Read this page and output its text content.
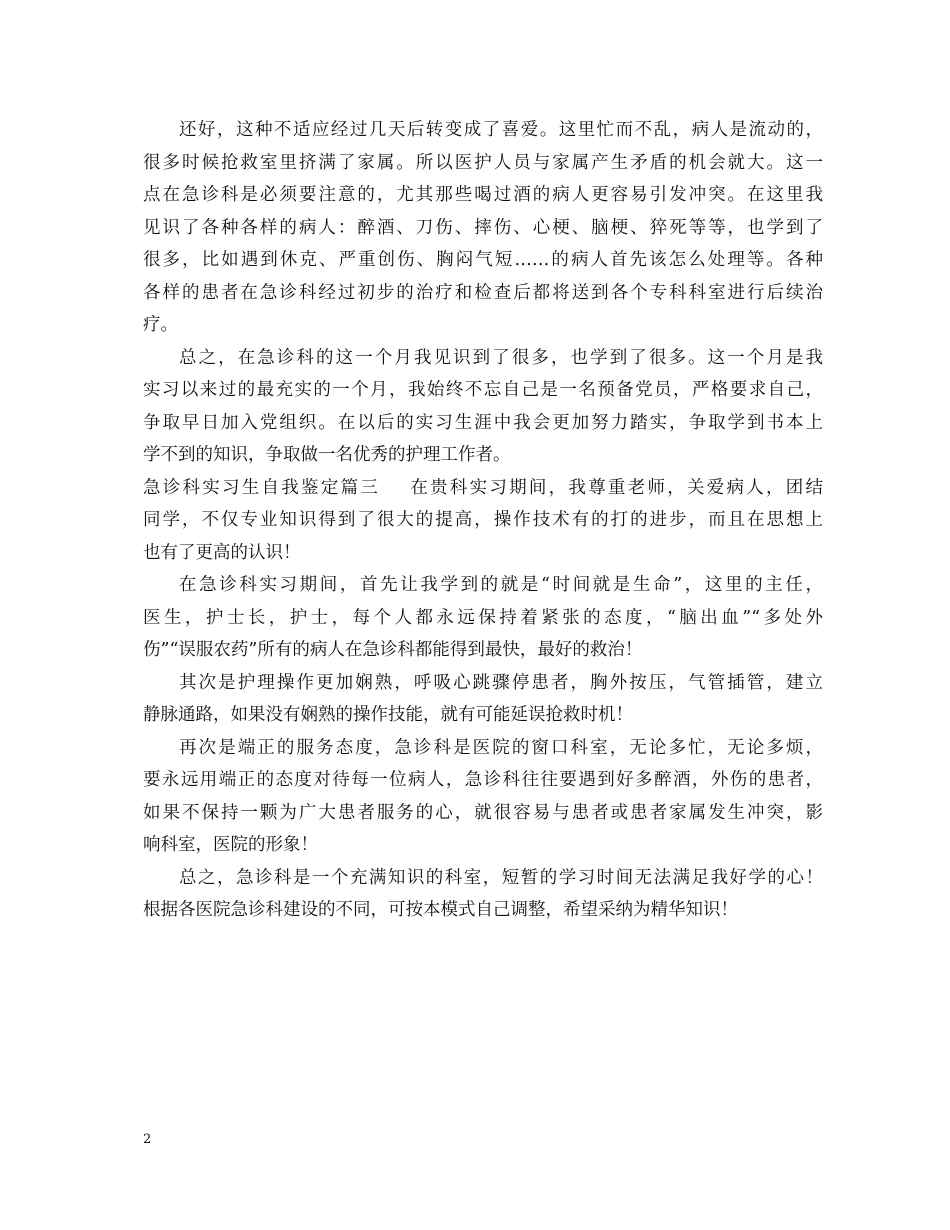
还好，这种不适应经过几天后转变成了喜爱。这里忙而不乱，病人是流动的，
很多时候抢救室里挤满了家属。所以医护人员与家属产生矛盾的机会就大。这一
点在急诊科是必须要注意的，尤其那些喝过酒的病人更容易引发冲突。在这里我
见识了各种各样的病人：醉酒、刀伤、摔伤、心梗、脑梗、猝死等等，也学到了
很多，比如遇到休克、严重创伤、胸闷气短……的病人首先该怎么处理等。各种
各样的患者在急诊科经过初步的治疗和检查后都将送到各个专科科室进行后续治
疗。
总之，在急诊科的这一个月我见识到了很多，也学到了很多。这一个月是我
实习以来过的最充实的一个月，我始终不忘自己是一名预备党员，严格要求自己，
争取早日加入党组织。在以后的实习生涯中我会更加努力踏实，争取学到书本上
学不到的知识，争取做一名优秀的护理工作者。
急诊科实习生自我鉴定篇三 在贵科实习期间，我尊重老师，关爱病人，团结
同学，不仅专业知识得到了很大的提高，操作技术有的打的进步，而且在思想上
也有了更高的认识！
在急诊科实习期间，首先让我学到的就是“时间就是生命”，这里的主任，
医生，护士长，护士，每个人都永远保持着紧张的态度，“脑出血”“多处外
伤”“误服农药”所有的病人在急诊科都能得到最快，最好的救治！
其次是护理操作更加娴熟，呼吸心跳骤停患者，胸外按压，气管插管，建立
静脉通路，如果没有娴熟的操作技能，就有可能延误抢救时机！
再次是端正的服务态度，急诊科是医院的窗口科室，无论多忙，无论多烦，
要永远用端正的态度对待每一位病人，急诊科往往要遇到好多醉酒，外伤的患者，
如果不保持一颗为广大患者服务的心，就很容易与患者或患者家属发生冲突，影
响科室，医院的形象！
总之，急诊科是一个充满知识的科室，短暂的学习时间无法满足我好学的心！
根据各医院急诊科建设的不同，可按本模式自己调整，希望采纳为精华知识！
2
